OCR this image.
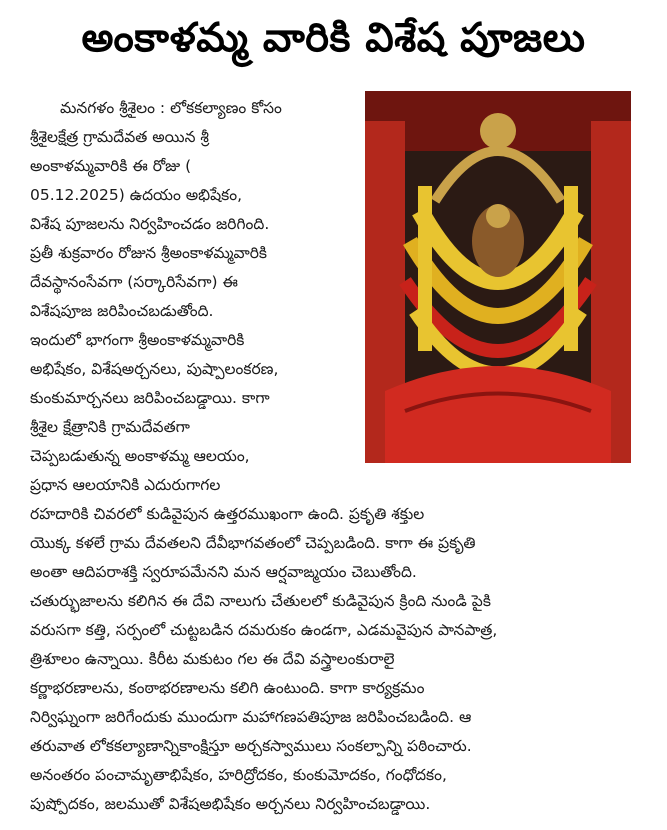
అంకాళమ్మ వారికి విశేష పూజలు

మనగళం శ్రీశైలం : లోకకల్యాణం కోసం

శ్రీశైలక్షేత్ర గ్రామదేవత అయిన శ్రీ

అంకాళమ్మవారికి ఈ రోజు (

05.12.2025) ఉదయం అభిషేకం,

విశేష పూజలను నిర్వహించడం జరిగింది.

ప్రతీ శుక్రవారం రోజున శ్రీఅంకాళమ్మవారికి

దేవస్థానంసేవగా (సర్కారిసేవగా) ఈ

విశేషపూజ జరిపించబడుతోంది.

ఇందులో భాగంగా శ్రీఅంకాళమ్మవారికి

అభిషేకం, విశేషఅర్చనలు, పుష్పాలంకరణ,

కుంకుమార్చనలు జరిపించబడ్డాయి. కాగా

శ్రీశైల క్షేత్రానికి గ్రామదేవతగా

చెప్పబడుతున్న అంకాళమ్మ ఆలయం,

ప్రధాన ఆలయానికి ఎదురుగాగల

రహదారికి చివరలో కుడివైపున ఉత్తరముఖంగా ఉంది. ప్రకృతి శక్తుల

యొక్క కళలే గ్రామ దేవతలని దేవీభాగవతంలో చెప్పబడింది. కాగా ఈ ప్రకృతి

అంతా ఆదిపరాశక్తి స్వరూపమేనని మన ఆర్షవాఙ్మయం చెబుతోంది.

చతుర్భుజాలను కలిగిన ఈ దేవి నాలుగు చేతులలో కుడివైపున క్రింది నుండి పైకి

వరుసగా కత్తి, సర్పంలో చుట్టబడిన దమరుకం ఉండగా, ఎడమవైపున పానపాత్ర,

త్రిశూలం ఉన్నాయి. కిరీట మకుటం గల ఈ దేవి వస్త్రాలంకురాలై

కర్ణాభరణాలను, కంఠాభరణాలను కలిగి ఉంటుంది. కాగా కార్యక్రమం

నిర్విఘ్నంగా జరిగేందుకు ముందుగా మహాగణపతిపూజ జరిపించబడింది. ఆ

తరువాత లోకకల్యాణాన్నికాంక్షిస్తూ అర్చకస్వాములు సంకల్పాన్ని పఠించారు.

అనంతరం పంచామృతాభిషేకం, హరిద్రోదకం, కుంకుమోదకం, గంధోదకం,

పుష్పోదకం, జలముతో విశేషఅభిషేకం అర్చనలు నిర్వహించబడ్డాయి.
